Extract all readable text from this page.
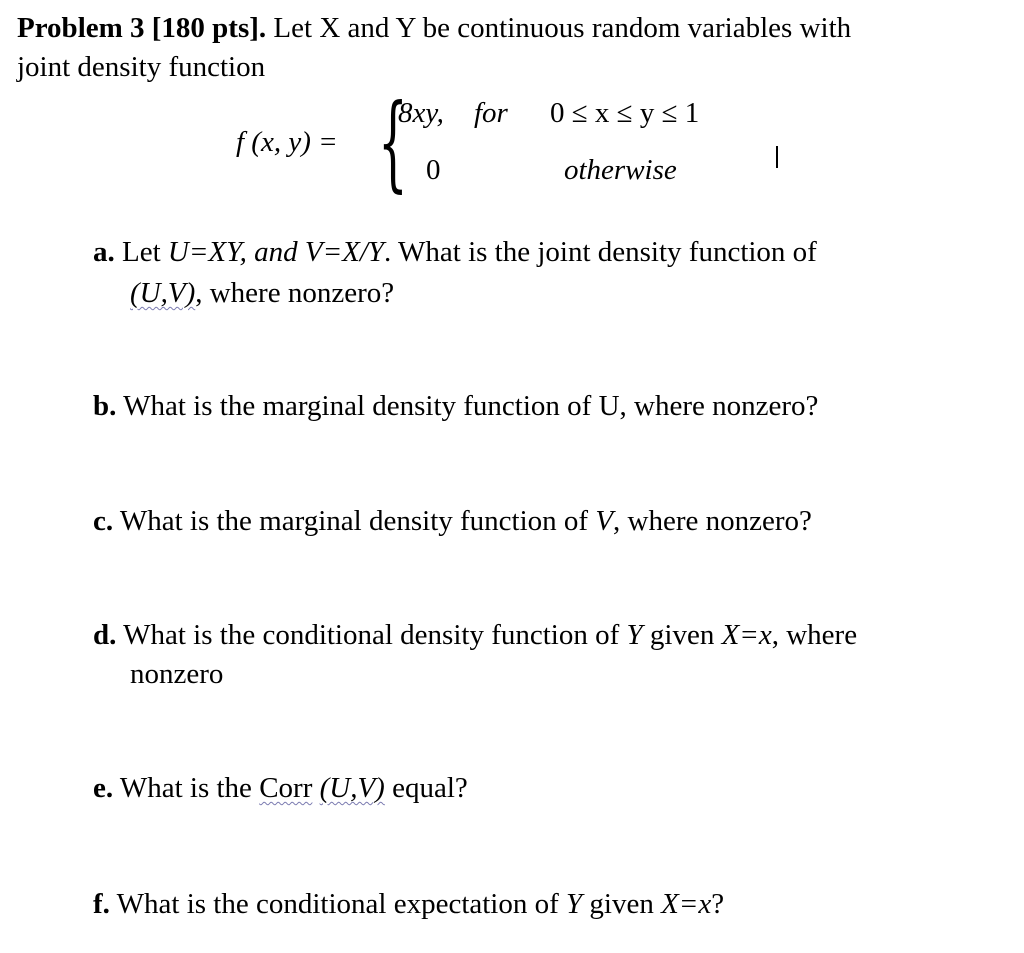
Problem 3 [180 pts]. Let X and Y be continuous random variables with
joint density function
f (x, y) = {
8xy, for 0 ≤ x ≤ y ≤ 1
0	otherwise
a. Let U=XY, and V=X/Y. What is the joint density function of
(U,V), where nonzero?
b. What is the marginal density function of U, where nonzero?
c. What is the marginal density function of V, where nonzero?
d. What is the conditional density function of Y given X=x, where
nonzero
e. What is the Corr (U,V) equal?
f. What is the conditional expectation of Y given X=x?
